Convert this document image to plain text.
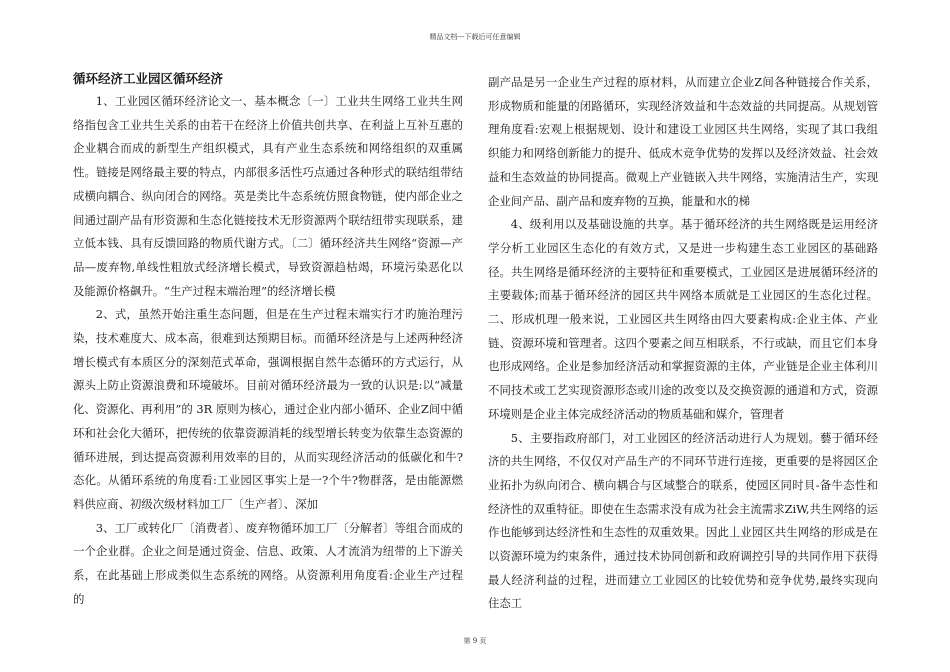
精品文档---下载后可任意编辑
循环经济工业园区循环经济

1、工业园区循环经济论文一、基本概念〔一〕工业共生网络工业共生网络指包含工业共生关系的由若干在经济上价值共创共享、在利益上互补互惠的企业耦合而成的新型生产组织模式，具有产业生态系统和网络组织的双重属性。链接是网络最主要的特点，内部很多活性巧点通过各种形式的联结组带结成横向耦合、纵向闭合的网络。英是类比牛态系统仿照食物链，使内部企业之间通过副产品有形资源和生态化链接技术无形资源两个联结纽带实现联系，建立低本钱、具有反馈回路的物质代谢方式。〔二〕循环经济共生网络“资源—产品—废弃物,单线性粗放式经济增长模式，导致资源趋枯竭，环境污染恶化以及能源价格飙升。“生产过程末端治理”的经济增长模

2、式，虽然开始注重生态问题，但是在生产过程末端实行才旳施治理污染，技术难度大、成本高，很难到达预期目标。而循环经济是与上述两种经济增长模式有本质区分的深刻范式革命，强调根据自然牛态循环的方式运行，从源头上防止资源浪费和环境破坏。目前对循环经济最为一致的认识是:以“减量化、资源化、再利用”的 3R 原则为核心，通过企业内部小循环、企业Z间中循环和社会化大循环，把传统的依靠资源消耗的线型增长转变为依靠生态资源的循环进展，到达提高资源利用效率的目的，从而实现经济活动的低碳化和牛?态化。从循环系统的角度看:工业园区事实上是一?个牛?物群落，是由能源燃料供应商、初级次级材料加工厂〔生产者〕、深加

3、工厂或转化厂〔消费者〕、废弃物循环加工厂〔分解者〕等组合而成的一个企业群。企业之间是通过资金、信息、政策、人才流消为纽带的上下游关系，在此基础上形成类似生态系统的网络。从资源利用角度看:企业生产过程的

副产品是另一企业生产过程的原材料，从而建立企业Z间各种链接合作关系，形成物质和能量的闭路循环，实现经济效益和牛态效益的共同提高。从规划管理角度看:宏观上根据规划、设计和建设工业园区共生网络，实现了其口我组织能力和网络创新能力的提升、低成木竞争优势的发挥以及经济效益、社会效益和生态效益的协同提高。微观上产业链嵌入共牛网络，实施清洁生产，实现企业间产品、副产品和废弃物的互换，能量和水的梯

4、级利用以及基础设施的共享。基于循环经济的共生网络既是运用经济学分析工业园区生态化的有效方式，又是进一步构建生态工业园区的基础路径。共生网络是循环经济的主要特征和重要模式，工业园区是进展循环经济的主要载体;而基于循环经济的园区共牛网络本质就是工业园区的生态化过程。二、形成机理一般来说，工业园区共生网络由四大要素构成:企业主体、产业链、资源环境和管理者。这四个要素之间互相联系，不行或缺，而且它们本身也形成网络。企业是参加经济活动和掌握资源的主体，产业链是企业主体利川不同技术或工艺实现资源形态或川途的改变以及交换资源的通道和方式，资源环境则是企业主体完成经济活动的物质基础和媒介，管理者

5、主要指政府部门，对工业园区的经济活动进行人为规划。藝于循环经济的共生网络，不仅仅对产品生产的不同环节进行连接，更重要的是将园区企业拓扑为纵向闭合、横向耦合与区域整合的联系，使园区同时貝-备牛态性和经济性的双重特征。即使在生态需求没有成为社会主流需求ZiW,共生网络的运作也能够到达经济性和生态性的双重效果。因此丄业园区共生网络的形成是在以资源环境为约束条件，通过技术协同创新和政府调控引导的共同作用下获得最人经济利益的过程，进而建立工业园区的比较优势和竞争优势,最终实现向住态工

第 9 页
